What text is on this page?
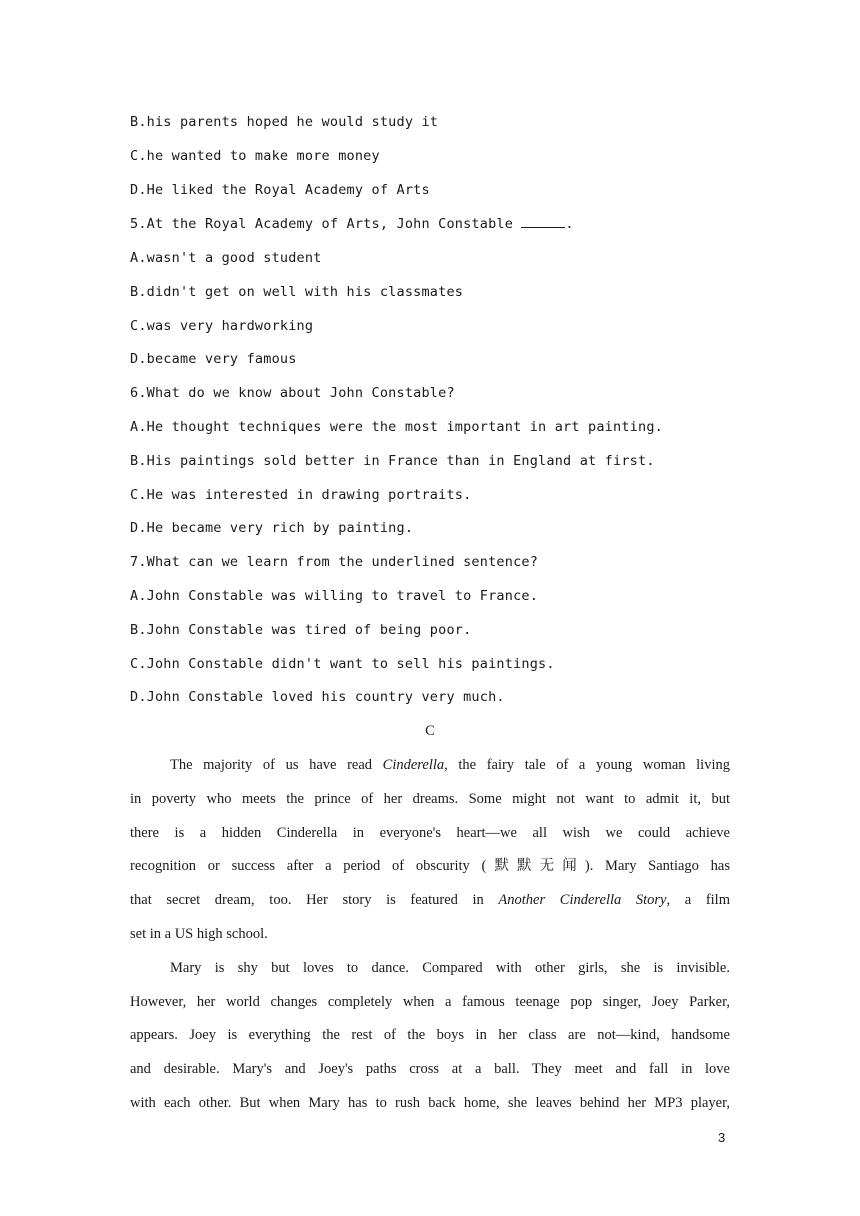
B.his parents hoped he would study it
C.he wanted to make more money
D.He liked the Royal Academy of Arts
5.At the Royal Academy of Arts, John Constable	.
A.wasn't a good student
B.didn't get on well with his classmates
C.was very hardworking
D.became very famous
6.What do we know about John Constable?
A.He thought techniques were the most important in art painting.
B.His paintings sold better in France than in England at first.
C.He was interested in drawing portraits.
D.He became very rich by painting.
7.What can we learn from the underlined sentence?
A.John Constable was willing to travel to France.
B.John Constable was tired of being poor.
C.John Constable didn't want to sell his paintings.
D.John Constable loved his country very much.
C
The majority of us have read Cinderella, the fairy tale of a young woman living
in poverty who meets the prince of her dreams. Some might not want to admit it, but
there is a hidden Cinderella in everyone's heart—we all wish we could achieve
recognition or success after a period of obscurity (默默无闻). Mary Santiago has
that secret dream, too. Her story is featured in Another Cinderella Story, a film
set in a US high school.
Mary is shy but loves to dance. Compared with other girls, she is invisible.
However, her world changes completely when a famous teenage pop singer, Joey Parker,
appears. Joey is everything the rest of the boys in her class are not—kind, handsome
and desirable. Mary's and Joey's paths cross at a ball. They meet and fall in love
with each other. But when Mary has to rush back home, she leaves behind her MP3 player,
3
